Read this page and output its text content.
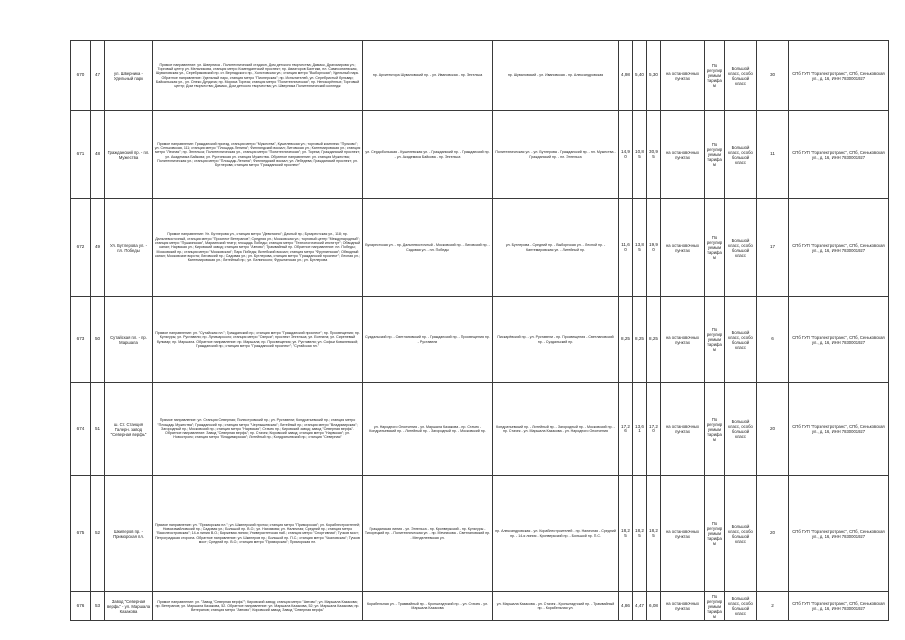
670	47	ул. Шверника - Удельный парк	Прямое направление: ул. Шверника - Политехнический стадион, Дом детского творчества; Дамаск, Драгомирова ул.; Торговый центр ул. Мельникова, станция метро Комендантский проспект; пр. Авиаторов Балтики, пл. Сампсониевская, Шуваловская ул., Серебряковский пр. ст. Вернадского пр., Холстовская ул.; станция метро "Выборгская"; Удельный парк. Обратное направление: Удельный парк, станция метро "Пионерская"; пр. Испытателей, ул. Серебристый бульвар; Байкальская ул., ул. Олеко Дундича; пр. Мориса Тореза; станция метро "Политехническая"; пр. Непокорённых; Торговый центр; Дом творчества; Дамаск, Дом детского творчества; ул. Шверника Политехнический колледж	пр. Архитектора Шуваловский пр. - ул. Ивановская - пр. Энгельса	пр. Шуваловский - ул. Ивановская - пр. Александровская	4,98	5,40	5,30	на остановочных пунктах	По регулируемым тарифам	Большой класс, особо большой класс	30	СПб ГУП "Горэлектротранс", СПб, Сеньковская ул., д. 16, ИНН 7830001927
671	48	Гражданский пр. - пл. Мужества	Прямое направление: Гражданский проезд, станция метро "Мужества", Кушелевская ул.; торговый комплекс "Пулково"; ул. Сеньковская, 111; станция метро "Площадь Ленина"; Финляндский вокзал; Литовская ул.; Кантемировская ул.; станция метро "Лесная"; пр. Энгельса; Политехническая ул., станция метро "Политехническая"; ул. Тореза; Гражданский проспект; ул. Академика Байкова; ул. Рустинская ул. станция Мужества. Обратное направление: ул. станция Мужества; Политехническая ул.; станция метро "Площадь Ленина"; Финляндский вокзал; ул. Лебедева; Гражданский проспект; ул. Бутлерова; станция метро "Гражданский проспект"	ул. Сердобольская - Кушелевская ул. - Гражданский пр. - Гражданский пр. - ул. Академика Байкова - пр. Энгельса	Политехническая ул. - ул. Бутлерова - Гражданский пр. - пл. Мужества - Гражданский пр. - пл. Энгельса	14,90	10,85	30,95	на остановочных пунктах	По регулируемым тарифам	Большой класс, особо большой класс	11	СПб ГУП "Горэлектротранс", СПб, Сеньковская ул., д. 16, ИНН 7830001927
672	49	Ул. Бутлерова ул. - пл. Победы	Прямое направление: Ул. Бутлерова ул., станция метро "Девяткино"; Дачный пр.; Бухарестская ул., 118; пр. Дальневосточный, станция метро "Проспект Ветеранов"; Средняя ул.; Московская ул.; торговый центр "Международный"; станция метро "Пушкинская", Мариинский театр; площадь Победы; станция метро "Технологический институт"; Обводный канал; Нарвская ул.; Кировский завод; станция метро "Автово"; Трамвайный пр. Обратное направление: пл. Победы; Московский пр.; станция метро "Московская"; Парк Победы; Витебский вокзал; станция метро "Фрунзенская"; Обводный канал; Московские ворота; Лиговский пр.; Садовая ул.; ул. Бутлерова, станция метро "Гражданский проспект"; Лесная ул.; Кантемировская ул.; Литейный пр.; ул. Белинского; Фурштатская ул.; ул. Бутлерова	Бухарестская ул. - пр. Дальневосточный - Московский пр. - Лиговский пр. - Садовая ул. - пл. Победы	ул. Бутлерова - Средний пр. - Выборгская ул. - Лесной пр. - Кантемировская ул. - Литейный пр.	11,60	13,85	19,90	на остановочных пунктах	По регулируемым тарифам	Большой класс, особо большой класс	17	СПб ГУП "Горэлектротранс", СПб, Сеньковская ул., д. 16, ИНН 7830001927
673	50	Сутайская пл. - пр. Маршала	Прямое направление: ул. "Сутайская пл."; Гражданский пр.; станция метро "Гражданский проспект"; пр. Просвещения; пр. Культуры; ул. Руставели; пр. Луначарского; станция метро "Озерки"; проспект Энгельса; ул. Есенина; ул. Сиреневый бульвар; пр. Маршала. Обратное направление: пр. Маршала; пр. Просвещения; ул. Руставели; ул. Софьи Ковалевской; Гражданский пр.; станция метро "Гражданский проспект"; "Сутайская пл."	Суздальский пр. - Светлановский пр. - Гражданский пр. - Просвещения пр. - Рустaвели	Пискарёвский пр. - ул. Руставели - пр. Просвещения - Светлановский пр. - Суздальский пр.	8,25	8,25	8,25	на остановочных пунктах	По регулируемым тарифам	Большой класс, особо большой класс	6	СПб ГУП "Горэлектротранс", СПб, Сеньковская ул., д. 16, ИНН 7830001927
674	51	ш. Ст. Станция Галерн. завод "Северная верфь"	Прямое направление: ул. Станция Северная; Полюстровский пр.; ул. Руставели; Кондратьевский пр.; станция метро "Площадь Мужества"; Гражданский пр.; станция метро "Чернышевская"; Литейный пр.; станция метро "Владимирская"; Загородный пр.; Московский пр.; станция метро "Нарвская"; Стачек пр.; Кировский завод; завод "Северная верфь". Обратное направление: Завод "Северная верфь"; пр. Стачек; Кировский завод; станция метро "Нарвская"; ул. Новостроек; станция метро "Владимирская"; Литейный пр.; Кондратьевский пр.; станция "Северная"	ул. Народного Ополчения - ул. Маршала Казакова - пр. Стачек - Кондратьевский пр. - Литейный пр. - Загородный пр. - Московский пр.	Кондратьевский пр. - Литейный пр. - Загородный пр. - Московский пр. - пр. Стачек - ул. Маршала Казакова - ул. Народного Ополчения	17,26	13,61	17,20	на остановочных пунктах	По регулируемым тарифам	Большой класс, особо большой класс	20	СПб ГУП "Горэлектротранс", СПб, Сеньковская ул., д. 16, ИНН 7830001927
675	52	Шкиперов пр. - Приморская пл.	Прямое направление: ул. "Приморская пл."; ул. Шкиперский проток; станция метро "Приморская"; ул. Кораблестроителей; Новоизмайловский пр.; Садовая ул.; Большой пр. В.О.; ул. Нахимова; ул. Наличная; Средний пр.; станция метро "Василеостровская"; 14-я линия В.О.; Биржевая линия; Университетская наб.; станция метро "Спортивная"; Тучков мост; Петроградская сторона. Обратное направление: ул. Шкиперов пр.; Большой пр. П.С.; станция метро "Чкаловская"; Тучков мост; Средний пр. В.О.; станция метро "Приморская"; Приморская пл.	Гражданская линия - ул. Энгельса - пр. Кронверкский - пр. Культуры - Тихорецкий пр. - Политехническая ул. - пр. Мечникова - Светлановский пр. - Менделеевская ул.	пр. Александровская - ул. Кораблестроителей - пр. Наличная - Средний пр. - 14-я линия - Кронверкский пр. - Большой пр. П.С.	18,25	18,25	18,25	на остановочных пунктах	По регулируемым тарифам	Большой класс, особо большой класс	20	СПб ГУП "Горэлектротранс", СПб, Сеньковская ул., д. 16, ИНН 7830001927
676	53	Завод "Северная верфь" - ул. Маршала Казакова	Прямое направление: ул. "Завод "Северная верфь""; Кировский завод; станция метро "Автово"; ул. Маршала Казакова; пр. Ветеранов; ул. Маршала Казакова, 52. Обратное направление: ул. Маршала Казакова, 52; ул. Маршала Казакова; пр. Ветеранов; станция метро "Автово"; Кировский завод; Завод "Северная верфь"	Корабельная ул. - Трамвайный пр. - Кронштадтский пр. - ул. Стачек - ул. Маршала Казакова	ул. Маршала Казакова - ул. Стачек - Кронштадтский пр. - Трамвайный пр. - Корабельная ул.	4,86	4,47	6,08	на остановочных пунктах	По регулируемым тарифам	Большой класс, особо большой класс	2	СПб ГУП "Горэлектротранс", СПб, Сеньковская ул., д. 16, ИНН 7830001927
